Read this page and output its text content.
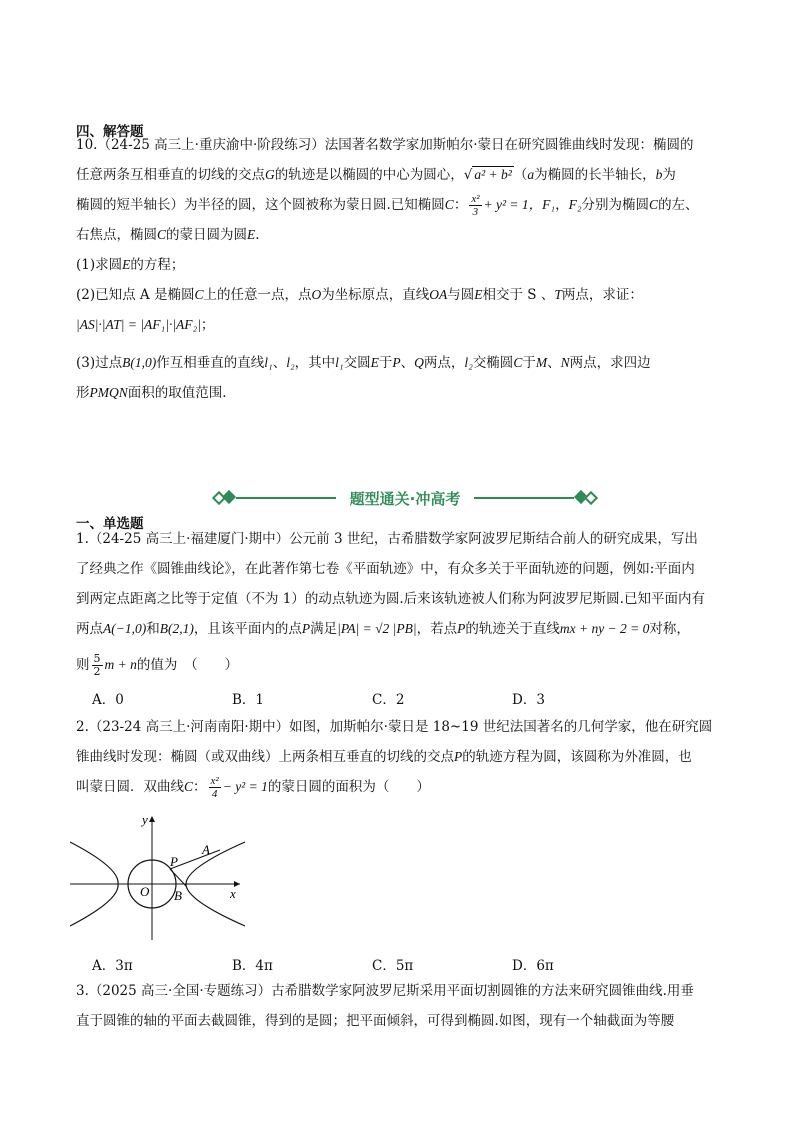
四、解答题
10.（24-25 高三上·重庆渝中·阶段练习）法国著名数学家加斯帕尔·蒙日在研究圆锥曲线时发现：椭圆的
任意两条互相垂直的切线的交点G的轨迹是以椭圆的中心为圆心，√ a² + b² （a为椭圆的长半轴长，b为
椭圆的短半轴长）为半径的圆，这个圆被称为蒙日圆.已知椭圆C： $\frac{\text{x²}}{3} + y^2 = 1$，F₁，F₂分别为椭圆C的左、
右焦点，椭圆C的蒙日圆为圆E.
(1)求圆E的方程；
(2)已知点 A 是椭圆C上的任意一点，点O为坐标原点，直线OA与圆E相交于 S 、T两点，求证：
|AS|·|AT| = |AF₁|·|AF₂|；
(3)过点B(1,0)作互相垂直的直线l₁、l₂，其中l₁交圆E于P、Q两点，l₂交椭圆C于M、N两点，求四边
形PMQN面积的取值范围.
题型通关·冲高考
一、单选题
1.（24-25 高三上·福建厦门·期中）公元前 3 世纪，古希腊数学家阿波罗尼斯结合前人的研究成果，写出
了经典之作《圆锥曲线论》，在此著作第七卷《平面轨迹》中，有众多关于平面轨迹的问题，例如:平面内
到两定点距离之比等于定值（不为 1）的动点轨迹为圆.后来该轨迹被人们称为阿波罗尼斯圆.已知平面内有
两点A(−1,0)和B(2,1)，且该平面内的点P满足|PA| = √2 |PB|，若点P的轨迹关于直线mx + ny − 2 = 0对称，
则 $\frac{5}{2}$ m + n的值为　（　　）
A．0	B．1	C．2	D．3
2.（23-24 高三上·河南南阳·期中）如图，加斯帕尔·蒙日是 18~19 世纪法国著名的几何学家，他在研究圆
锥曲线时发现：椭圆（或双曲线）上两条相互垂直的切线的交点P的轨迹方程为圆，该圆称为外准圆，也
叫蒙日圆．双曲线C： $\frac{\text{x²}}{4} - y^2 = 1$的蒙日圆的面积为（　　）
y
x
O
P
A
B
A．3π	B．4π	C．5π	D．6π
3.（2025 高三·全国·专题练习）古希腊数学家阿波罗尼斯采用平面切割圆锥的方法来研究圆锥曲线.用垂
直于圆锥的轴的平面去截圆锥，得到的是圆；把平面倾斜，可得到椭圆.如图，现有一个轴截面为等腰
